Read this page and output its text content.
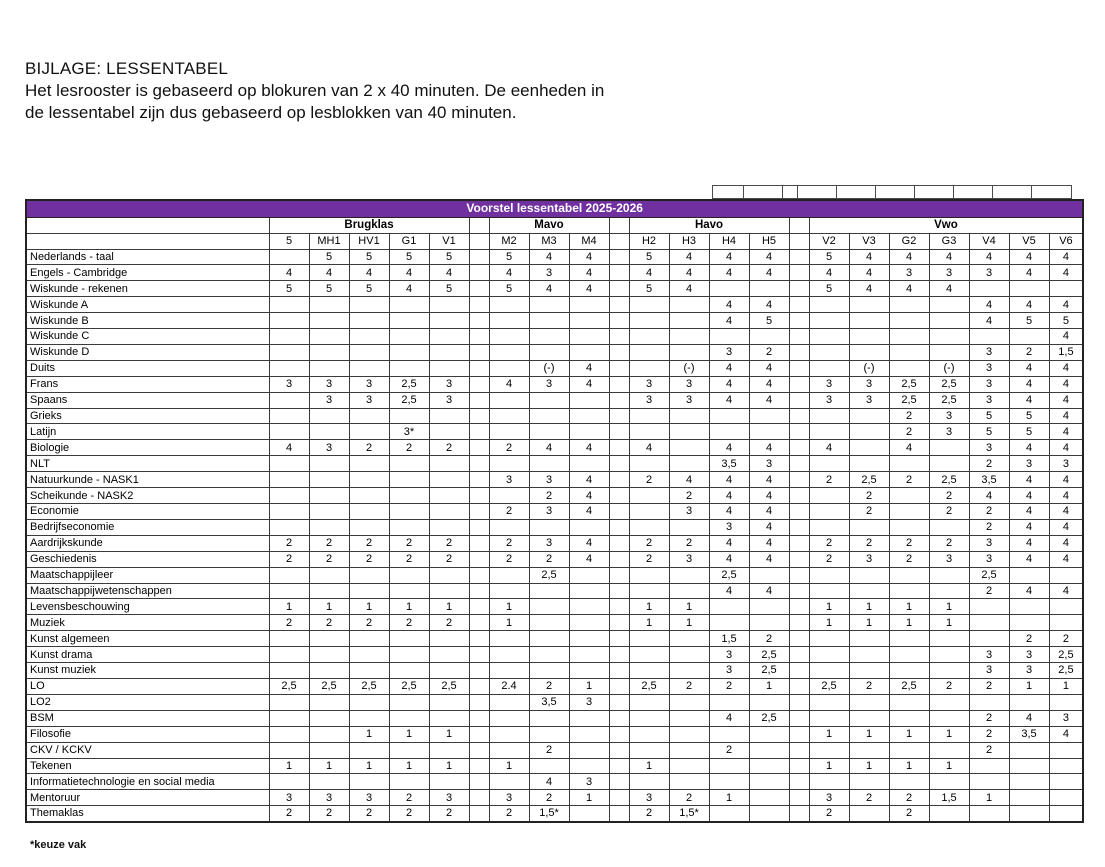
BIJLAGE: LESSENTABEL
Het lesrooster is gebaseerd op blokuren van 2 x 40 minuten. De eenheden in
de lessentabel zijn dus gebaseerd op lesblokken van 40 minuten.
Voorstel lessentabel 2025-2026																						
	Brugklas						Mavo				Havo					Vwo						
	5	MH1	HV1	G1	V1		M2	M3	M4		H2	H3	H4	H5		V2	V3	G2	G3	V4	V5	V6
Nederlands - taal		5	5	5	5		5	4	4		5	4	4	4		5	4	4	4	4	4	4
Engels - Cambridge	4	4	4	4	4		4	3	4		4	4	4	4		4	4	3	3	3	4	4
Wiskunde - rekenen	5	5	5	4	5		5	4	4		5	4				5	4	4	4			
Wiskunde A													4	4						4	4	4
Wiskunde B													4	5						4	5	5
Wiskunde C																						4
Wiskunde D													3	2						3	2	1,5
Duits								(-)	4			(-)	4	4			(-)		(-)	3	4	4
Frans	3	3	3	2,5	3		4	3	4		3	3	4	4		3	3	2,5	2,5	3	4	4
Spaans		3	3	2,5	3						3	3	4	4		3	3	2,5	2,5	3	4	4
Grieks																		2	3	5	5	4
Latijn				3*														2	3	5	5	4
Biologie	4	3	2	2	2		2	4	4		4		4	4		4		4		3	4	4
NLT													3,5	3						2	3	3
Natuurkunde - NASK1							3	3	4		2	4	4	4		2	2,5	2	2,5	3,5	4	4
Scheikunde - NASK2								2	4			2	4	4			2		2	4	4	4
Economie							2	3	4			3	4	4			2		2	2	4	4
Bedrijfseconomie													3	4						2	4	4
Aardrijkskunde	2	2	2	2	2		2	3	4		2	2	4	4		2	2	2	2	3	4	4
Geschiedenis	2	2	2	2	2		2	2	4		2	3	4	4		2	3	2	3	3	4	4
Maatschappijleer								2,5					2,5							2,5		
Maatschappijwetenschappen													4	4						2	4	4
Levensbeschouwing	1	1	1	1	1		1				1	1				1	1	1	1			
Muziek	2	2	2	2	2		1				1	1				1	1	1	1			
Kunst algemeen													1,5	2							2	2
Kunst drama													3	2,5						3	3	2,5
Kunst muziek													3	2,5						3	3	2,5
LO	2,5	2,5	2,5	2,5	2,5		2.4	2	1		2,5	2	2	1		2,5	2	2,5	2	2	1	1
LO2								3,5	3													
BSM													4	2,5						2	4	3
Filosofie			1	1	1											1	1	1	1	2	3,5	4
CKV / KCKV								2					2							2		
Tekenen	1	1	1	1	1		1				1					1	1	1	1			
Informatietechnologie en social media								4	3													
Mentoruur	3	3	3	2	3		3	2	1		3	2	1			3	2	2	1,5	1		
Themaklas	2	2	2	2	2		2	1,5*			2	1,5*				2		2				
*keuze vak
